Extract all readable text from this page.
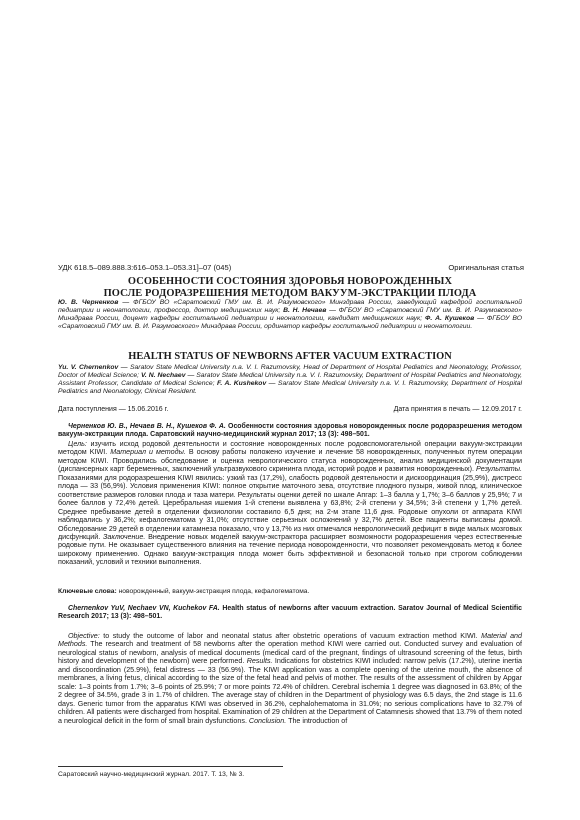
УДК 618.5–089.888.3:616–053.1–053.31]–07 (045)	Оригинальная статья
ОСОБЕННОСТИ СОСТОЯНИЯ ЗДОРОВЬЯ НОВОРОЖДЕННЫХ
ПОСЛЕ РОДОРАЗРЕШЕНИЯ МЕТОДОМ ВАКУУМ-ЭКСТРАКЦИИ ПЛОДА
Ю. В. Черненков — ФГБОУ ВО «Саратовский ГМУ им. В. И. Разумовского» Минздрава России, заведующий кафедрой госпитальной педиатрии и неонатологии, профессор, доктор медицинских наук; В. Н. Нечаев — ФГБОУ ВО «Саратовский ГМУ им. В. И. Разумовского» Минздрава России, доцент кафедры госпитальной педиатрии и неонатологии, кандидат медицинских наук; Ф. А. Кушеков — ФГБОУ ВО «Саратовский ГМУ им. В. И. Разумовского» Минздрава России, ординатор кафедры госпитальной педиатрии и неонатологии.
HEALTH STATUS OF NEWBORNS AFTER VACUUM EXTRACTION
Yu. V. Chernenkov — Saratov State Medical University n.a. V. I. Razumovsky, Head of Department of Hospital Pediatrics and Neonatology, Professor, Doctor of Medical Science; V. N. Nechaev — Saratov State Medical University n.a. V. I. Razumovsky, Department of Hospital Pediatrics and Neonatology, Assistant Professor, Candidate of Medical Science; F. A. Kushekov — Saratov State Medical University n.a. V. I. Razumovsky, Department of Hospital Pediatrics and Neonatology, Clinical Resident.
Дата поступления — 15.06.2016 г.	Дата принятия в печать — 12.09.2017 г.
Черненков Ю. В., Нечаев В. Н., Кушеков Ф. А. Особенности состояния здоровья новорожденных после родоразрешения методом вакуум-экстракции плода. Саратовский научно-медицинский журнал 2017; 13 (3): 498–501.
Цель: изучить исход родовой деятельности и состояние новорожденных после родовспомогательной операции вакуум-экстракции методом KIWI. Материал и методы. В основу работы положено изучение и лечение 58 новорожденных, полученных путем операции методом KIWI. Проводились обследование и оценка неврологического статуса новорожденных, анализ медицинской документации (диспансерных карт беременных, заключений ультразвукового скрининга плода, историй родов и развития новорожденных). Результаты. Показаниями для родоразрешения KIWI явились: узкий таз (17,2%), слабость родовой деятельности и дискоординация (25,9%), дистресс плода — 33 (56,9%). Условия применения KIWI: полное открытие маточного зева, отсутствие плодного пузыря, живой плод, клиническое соответствие размеров головки плода и таза матери. Результаты оценки детей по шкале Апгар: 1–3 балла у 1,7%; 3–6 баллов у 25,9%; 7 и более баллов у 72,4% детей. Церебральная ишемия 1-й степени выявлена у 63,8%; 2-й степени у 34,5%; 3-й степени у 1,7% детей. Среднее пребывание детей в отделении физиологии составило 6,5 дня; на 2-м этапе 11,6 дня. Родовые опухоли от аппарата KIWI наблюдались у 36,2%; кефалогематома у 31,0%; отсутствие серьезных осложнений у 32,7% детей. Все пациенты выписаны домой. Обследование 29 детей в отделении катамнеза показало, что у 13,7% из них отмечался неврологический дефицит в виде малых мозговых дисфункций. Заключение. Внедрение новых моделей вакуум-экстрактора расширяет возможности родоразрешения через естественные родовые пути. Не оказывает существенного влияния на течение периода новорожденности, что позволяет рекомендовать метод к более широкому применению. Однако вакуум-экстракция плода может быть эффективной и безопасной только при строгом соблюдении показаний, условий и техники выполнения.
Ключевые слова: новорожденный, вакуум-экстракция плода, кефалогематома.
Chernenkov YuV, Nechaev VN, Kuchekov FA. Health status of newborns after vacuum extraction. Saratov Journal of Medical Scientific Research 2017; 13 (3): 498–501.
Objective: to study the outcome of labor and neonatal status after obstetric operations of vacuum extraction method KIWI. Material and Methods. The research and treatment of 58 newborns after the operation method KIWI were carried out. Conducted survey and evaluation of neurological status of newborn, analysis of medical documents (medical card of the pregnant, findings of ultrasound screening of the fetus, birth history and development of the newborn) were performed. Results. Indications for obstetrics KIWI included: narrow pelvis (17.2%), uterine inertia and discoordination (25.9%), fetal distress — 33 (56.9%). The KIWI application was a complete opening of the uterine mouth, the absence of membranes, a living fetus, clinical according to the size of the fetal head and pelvis of mother. The results of the assessment of children by Apgar scale: 1–3 points from 1.7%; 3–6 points of 25.9%; 7 or more points 72.4% of children. Cerebral ischemia 1 degree was diagnosed in 63.8%; of the 2 degree of 34.5%, grade 3 in 1.7% of children. The average stay of children in the Department of physiology was 6.5 days, the 2nd stage is 11.6 days. Generic tumor from the apparatus KIWI was observed in 36.2%, cephalohematoma in 31.0%; no serious complications have to 32.7% of children. All patients were discharged from hospital. Examination of 29 children at the Department of Catamnesis showed that 13.7% of them noted a neurological deficit in the form of small brain dysfunctions. Conclusion. The introduction of
Саратовский научно-медицинский журнал. 2017. Т. 13, № 3.
